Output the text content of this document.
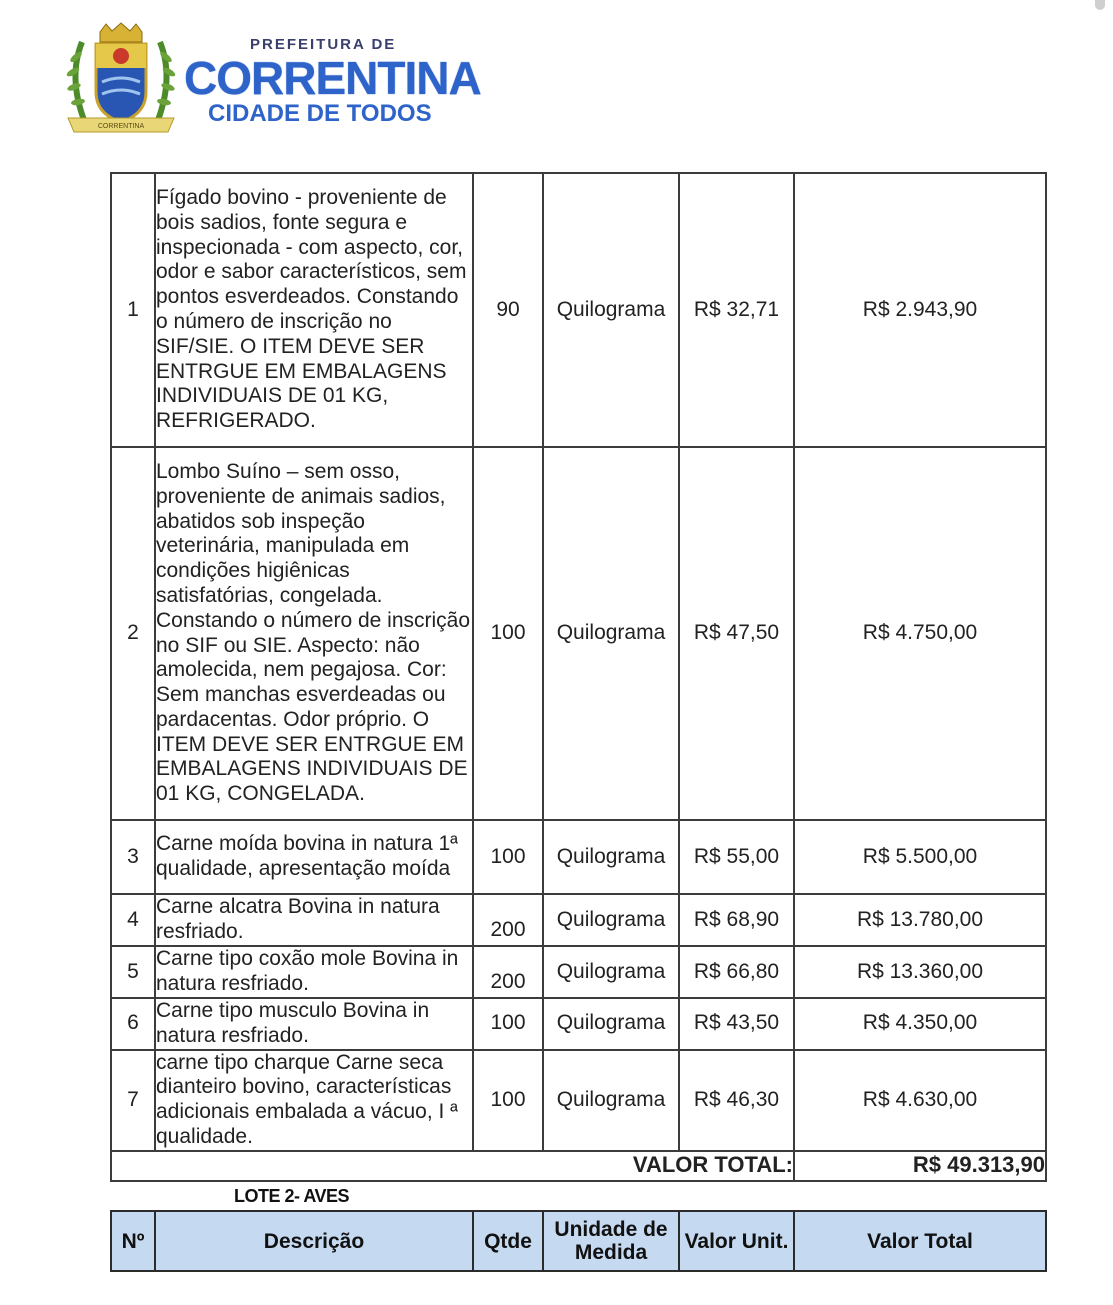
CORRENTINA
PREFEITURA DE
CORRENTINA
CIDADE DE TODOS
1	Fígado bovino - proveniente de bois sadios, fonte segura e inspecionada - com aspecto, cor, odor e sabor característicos, sem pontos esverdeados. Constando o número de inscrição no SIF/SIE. O ITEM DEVE SER ENTRGUE EM EMBALAGENS INDIVIDUAIS DE 01 KG, REFRIGERADO.	90	Quilograma	R$ 32,71	R$ 2.943,90
2	Lombo Suíno – sem osso, proveniente de animais sadios, abatidos sob inspeção veterinária, manipulada em condições higiênicas satisfatórias, congelada. Constando o número de inscrição no SIF ou SIE. Aspecto: não amolecida, nem pegajosa. Cor: Sem manchas esverdeadas ou pardacentas. Odor próprio. O ITEM DEVE SER ENTRGUE EM EMBALAGENS INDIVIDUAIS DE 01 KG, CONGELADA.	100	Quilograma	R$ 47,50	R$ 4.750,00
3	Carne moída bovina in natura 1ª qualidade, apresentação moída	100	Quilograma	R$ 55,00	R$ 5.500,00
4	Carne alcatra Bovina in natura resfriado.	200	Quilograma	R$ 68,90	R$ 13.780,00
5	Carne tipo coxão mole Bovina in natura resfriado.	200	Quilograma	R$ 66,80	R$ 13.360,00
6	Carne tipo musculo Bovina in natura resfriado.	100	Quilograma	R$ 43,50	R$ 4.350,00
7	carne tipo charque Carne seca dianteiro bovino, características adicionais embalada a vácuo, I ª qualidade.	100	Quilograma	R$ 46,30	R$ 4.630,00
VALOR TOTAL:					R$ 49.313,90
LOTE 2- AVES
Nº	Descrição	Qtde	Unidade de Medida	Valor Unit.	Valor Total
